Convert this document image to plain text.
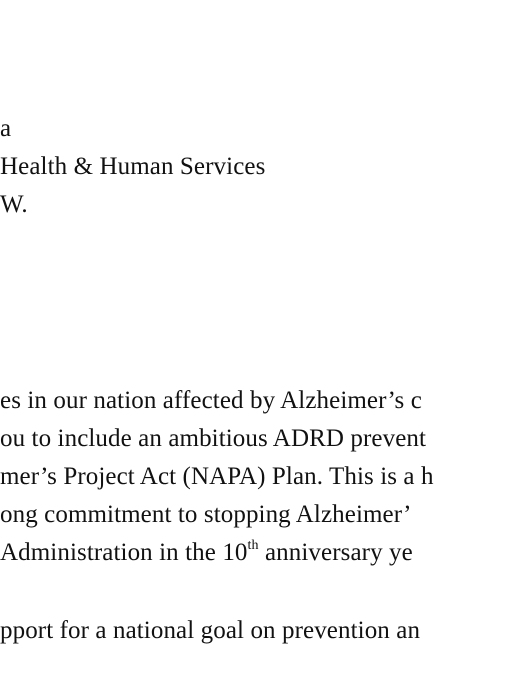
a
Health & Human Services
W.
es in our nation affected by Alzheimer’s c
ou to include an ambitious ADRD prevent
mer’s Project Act (NAPA) Plan. This is a h
ong commitment to stopping Alzheimer’
Administration in the 10th anniversary ye
pport for a national goal on prevention an
